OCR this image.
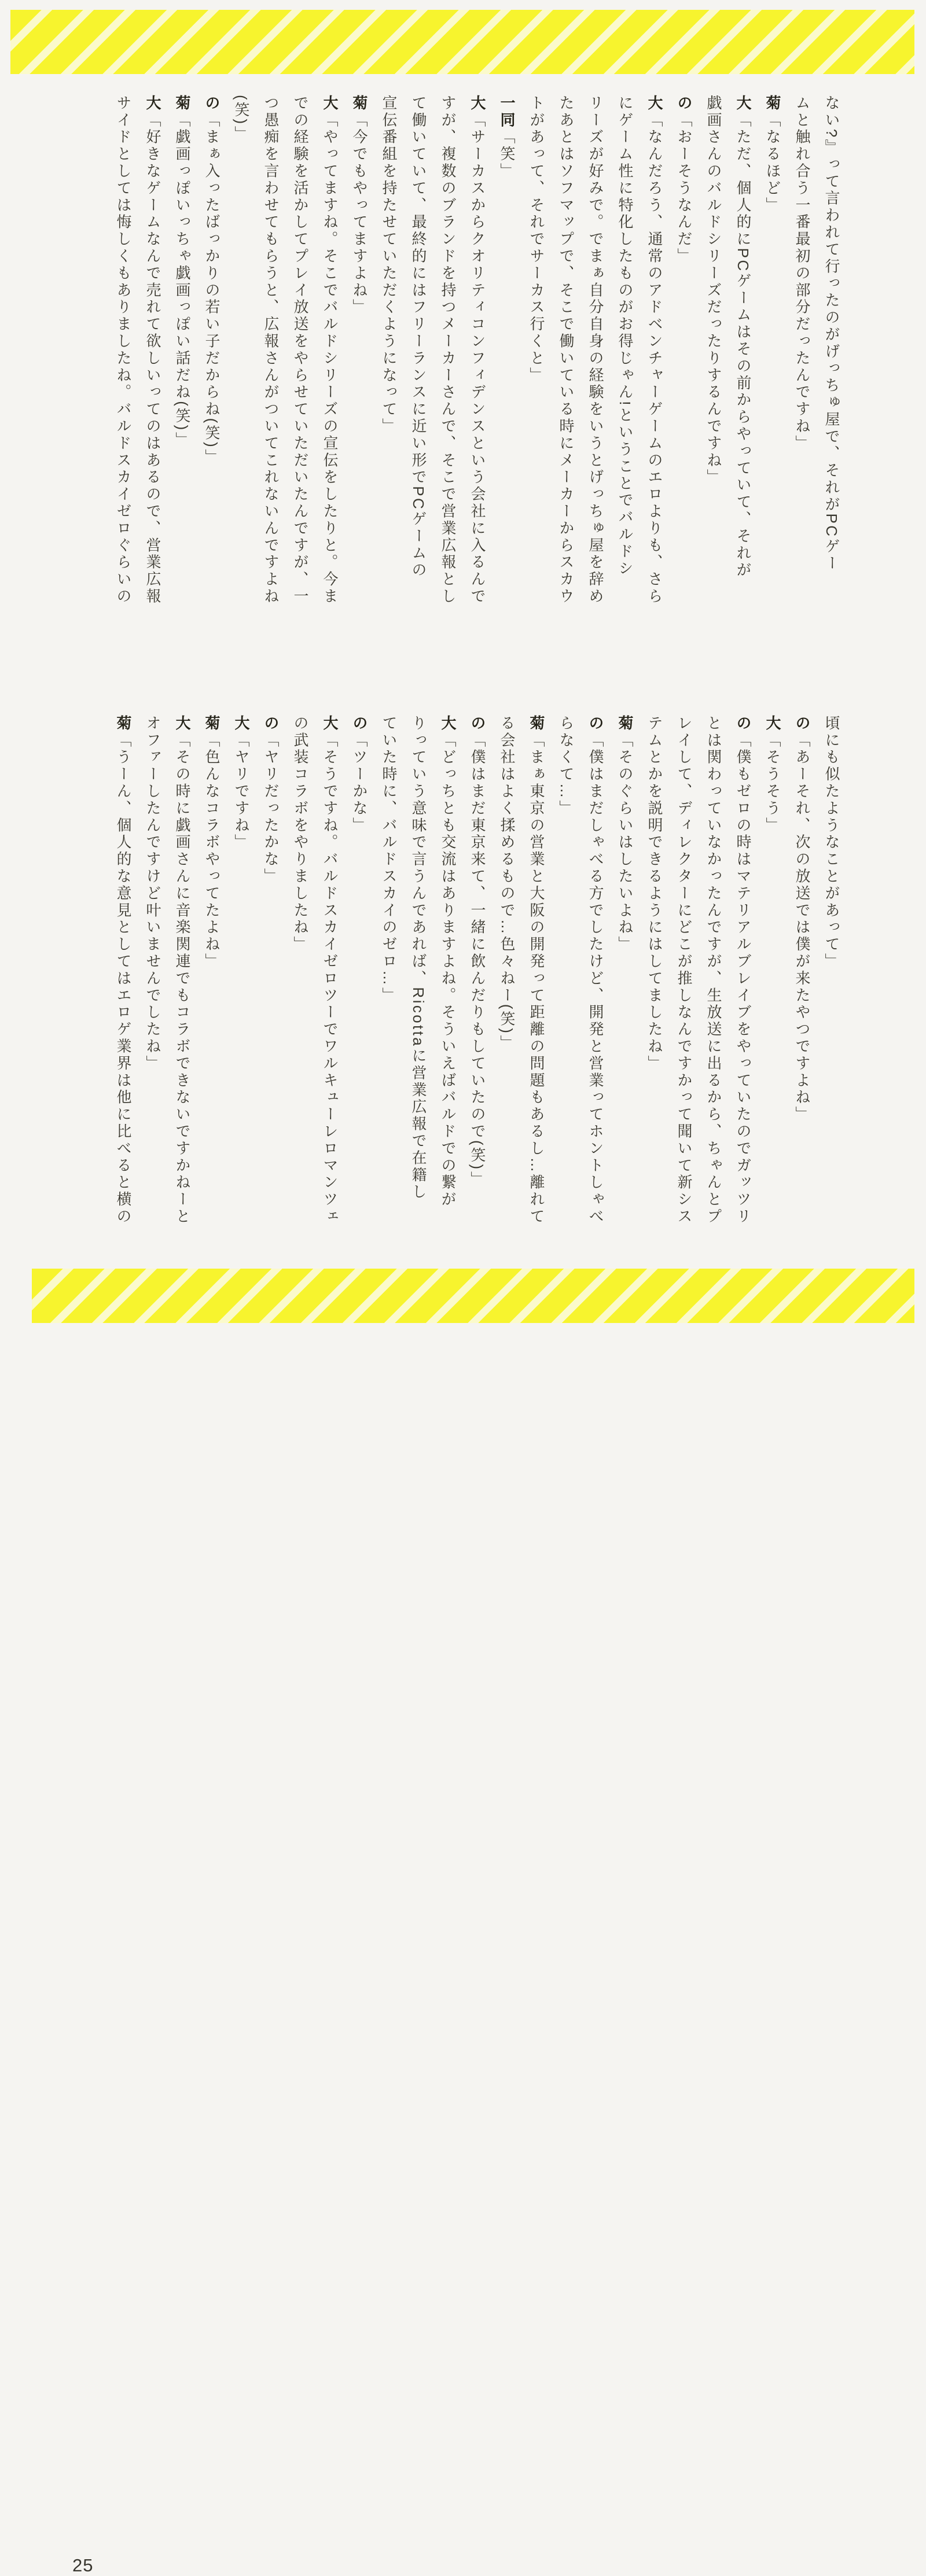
ない?』って言われて行ったのがげっちゅ屋で、それがPCゲー
ムと触れ合う一番最初の部分だったんですね」
菊「なるほど」
大「ただ、個人的にPCゲームはその前からやっていて、それが
戯画さんのバルドシリーズだったりするんですね」
の「おーそうなんだ」
大「なんだろう、通常のアドベンチャーゲームのエロよりも、さら
にゲーム性に特化したものがお得じゃん!ということでバルドシ
リーズが好みで。でまぁ自分自身の経験をいうとげっちゅ屋を辞め
たあとはソフマップで、そこで働いている時にメーカーからスカウ
トがあって、それでサーカス行くと」
一同「笑」
大「サーカスからクオリティコンフィデンスという会社に入るんで
すが、複数のブランドを持つメーカーさんで、そこで営業広報とし
て働いていて、最終的にはフリーランスに近い形でPCゲームの
宣伝番組を持たせていただくようになって」
菊「今でもやってますよね」
大「やってますね。そこでバルドシリーズの宣伝をしたりと。今ま
での経験を活かしてプレイ放送をやらせていただいたんですが、一
つ愚痴を言わせてもらうと、広報さんがついてこれないんですよね
(笑)」
の「まぁ入ったばっかりの若い子だからね(笑)」
菊「戯画っぽいっちゃ戯画っぽい話だね(笑)」
大「好きなゲームなんで売れて欲しいってのはあるので、営業広報
サイドとしては悔しくもありましたね。バルドスカイゼロぐらいの
頃にも似たようなことがあって」
の「あーそれ、次の放送では僕が来たやつですよね」
大「そうそう」
の「僕もゼロの時はマテリアルブレイブをやっていたのでガッツリ
とは関わっていなかったんですが、生放送に出るから、ちゃんとプ
レイして、ディレクターにどこが推しなんですかって聞いて新シス
テムとかを説明できるようにはしてましたね」
菊「そのぐらいはしたいよね」
の「僕はまだしゃべる方でしたけど、開発と営業ってホントしゃべ
らなくて…」
菊「まぁ東京の営業と大阪の開発って距離の問題もあるし…離れて
る会社はよく揉めるもので…色々ねー(笑)」
の「僕はまだ東京来て、一緒に飲んだりもしていたので(笑)」
大「どっちとも交流はありますよね。そういえばバルドでの繋が
りっていう意味で言うんであれば、Ricottaに営業広報で在籍し
ていた時に、バルドスカイのゼロ…」
の「ツーかな」
大「そうですね。バルドスカイゼロツーでワルキューレロマンツェ
の武装コラボをやりましたね」
の「ヤリだったかな」
大「ヤリですね」
菊「色んなコラボやってたよね」
大「その時に戯画さんに音楽関連でもコラボできないですかねーと
オファーしたんですけど叶いませんでしたね」
菊「うーん、個人的な意見としてはエロゲ業界は他に比べると横の
25
